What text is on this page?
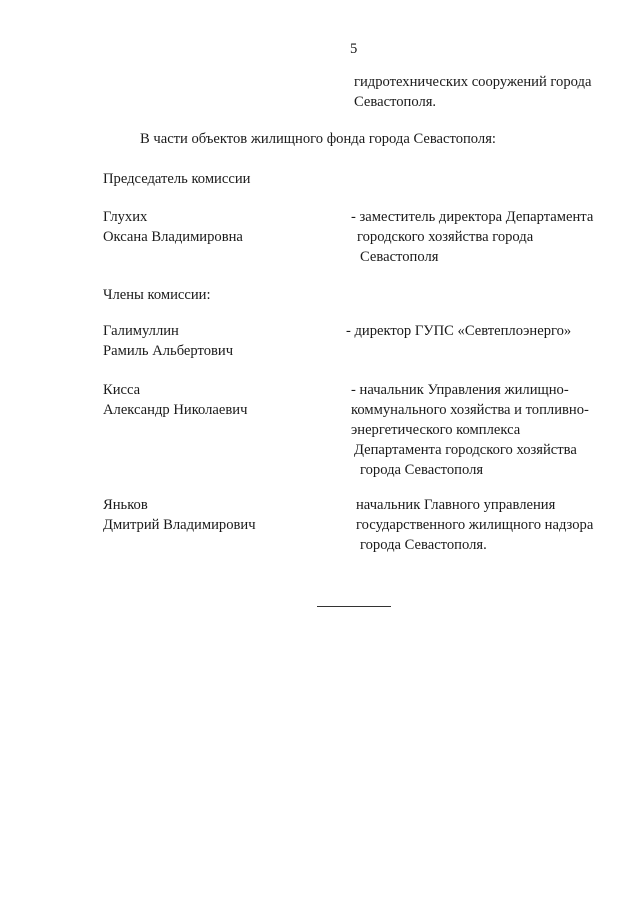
5
гидротехнических сооружений города
Севастополя.
В части объектов жилищного фонда города Севастополя:
Председатель комиссии
Глухих
Оксана Владимировна
- заместитель директора Департамента
городского хозяйства города
Севастополя
Члены комиссии:
Галимуллин
Рамиль Альбертович
- директор ГУПС «Севтеплоэнерго»
Кисса
Александр Николаевич
- начальник Управления жилищно-
коммунального хозяйства и топливно-
энергетического комплекса
Департамента городского хозяйства
города Севастополя
Яньков
Дмитрий Владимирович
начальник Главного управления
государственного жилищного надзора
города Севастополя.
